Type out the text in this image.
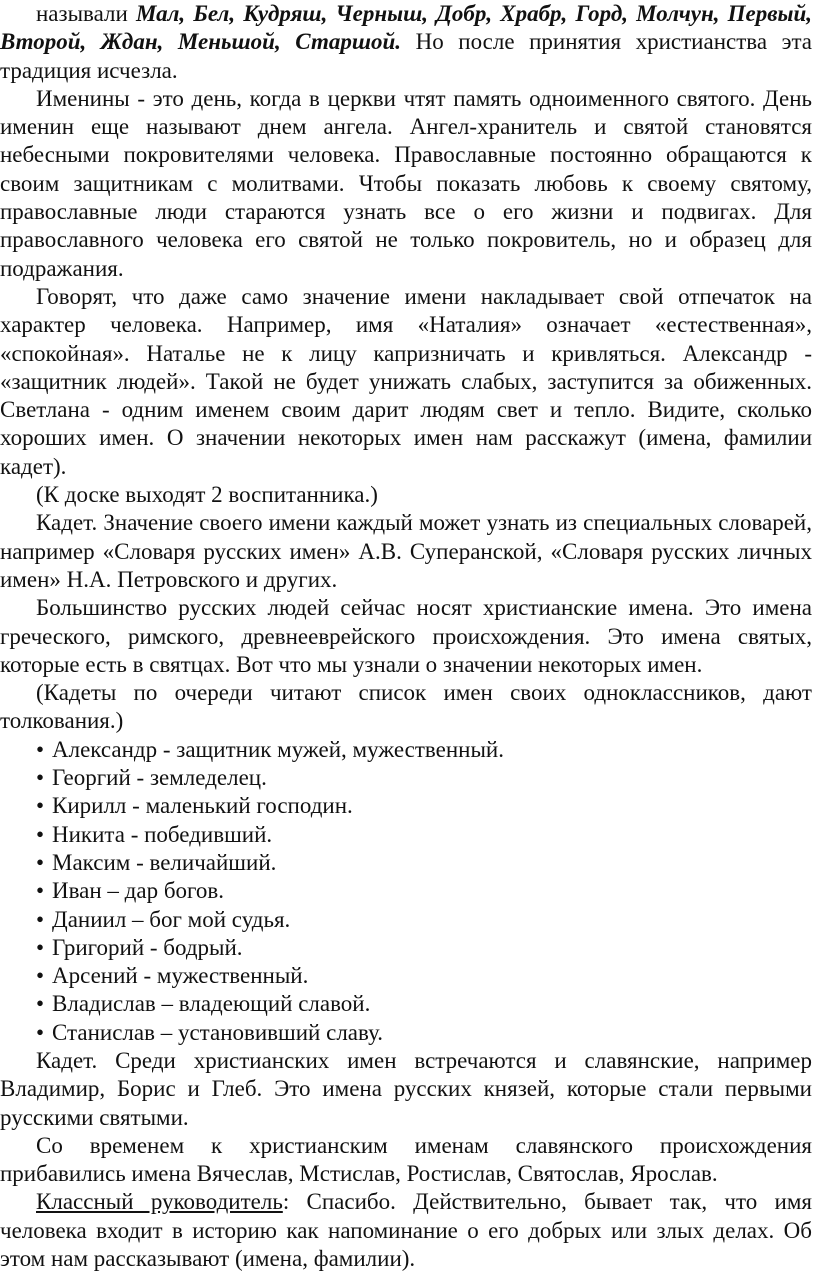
называли Мал, Бел, Кудряш, Черныш, Добр, Храбр, Горд, Молчун, Первый, Второй, Ждан, Меньшой, Старшой. Но после принятия христианства эта традиция исчезла.

Именины - это день, когда в церкви чтят память одноименного святого. День именин еще называют днем ангела. Ангел-хранитель и святой становятся небесными покровителями человека. Православные постоянно обращаются к своим защитникам с молитвами. Чтобы показать любовь к своему святому, православные люди стараются узнать все о его жизни и подвигах. Для православного человека его святой не только покровитель, но и образец для подражания.

Говорят, что даже само значение имени накладывает свой отпечаток на характер человека. Например, имя «Наталия» означает «естественная», «спокойная». Наталье не к лицу капризничать и кривляться. Александр - «защитник людей». Такой не будет унижать слабых, заступится за обиженных. Светлана - одним именем своим дарит людям свет и тепло. Видите, сколько хороших имен. О значении некоторых имен нам расскажут (имена, фамилии кадет).

(К доске выходят 2 воспитанника.)

Кадет. Значение своего имени каждый может узнать из специальных словарей, например «Словаря русских имен» А.В. Суперанской, «Словаря русских личных имен» Н.А. Петровского и других.

Большинство русских людей сейчас носят христианские имена. Это имена греческого, римского, древнееврейского происхождения. Это имена святых, которые есть в святцах. Вот что мы узнали о значении некоторых имен.

(Кадеты по очереди читают список имен своих одноклассников, дают толкования.)

• Александр - защитник мужей, мужественный.
• Георгий - земледелец.
• Кирилл - маленький господин.
• Никита - победивший.
• Максим - величайший.
• Иван – дар богов.
• Даниил – бог мой судья.
• Григорий - бодрый.
• Арсений - мужественный.
• Владислав – владеющий славой.
• Станислав – установивший славу.

Кадет. Среди христианских имен встречаются и славянские, например Владимир, Борис и Глеб. Это имена русских князей, которые стали первыми русскими святыми.

Со временем к христианским именам славянского происхождения прибавились имена Вячеслав, Мстислав, Ростислав, Святослав, Ярослав.

Классный руководитель: Спасибо. Действительно, бывает так, что имя человека входит в историю как напоминание о его добрых или злых делах. Об этом нам рассказывают (имена, фамилии).
